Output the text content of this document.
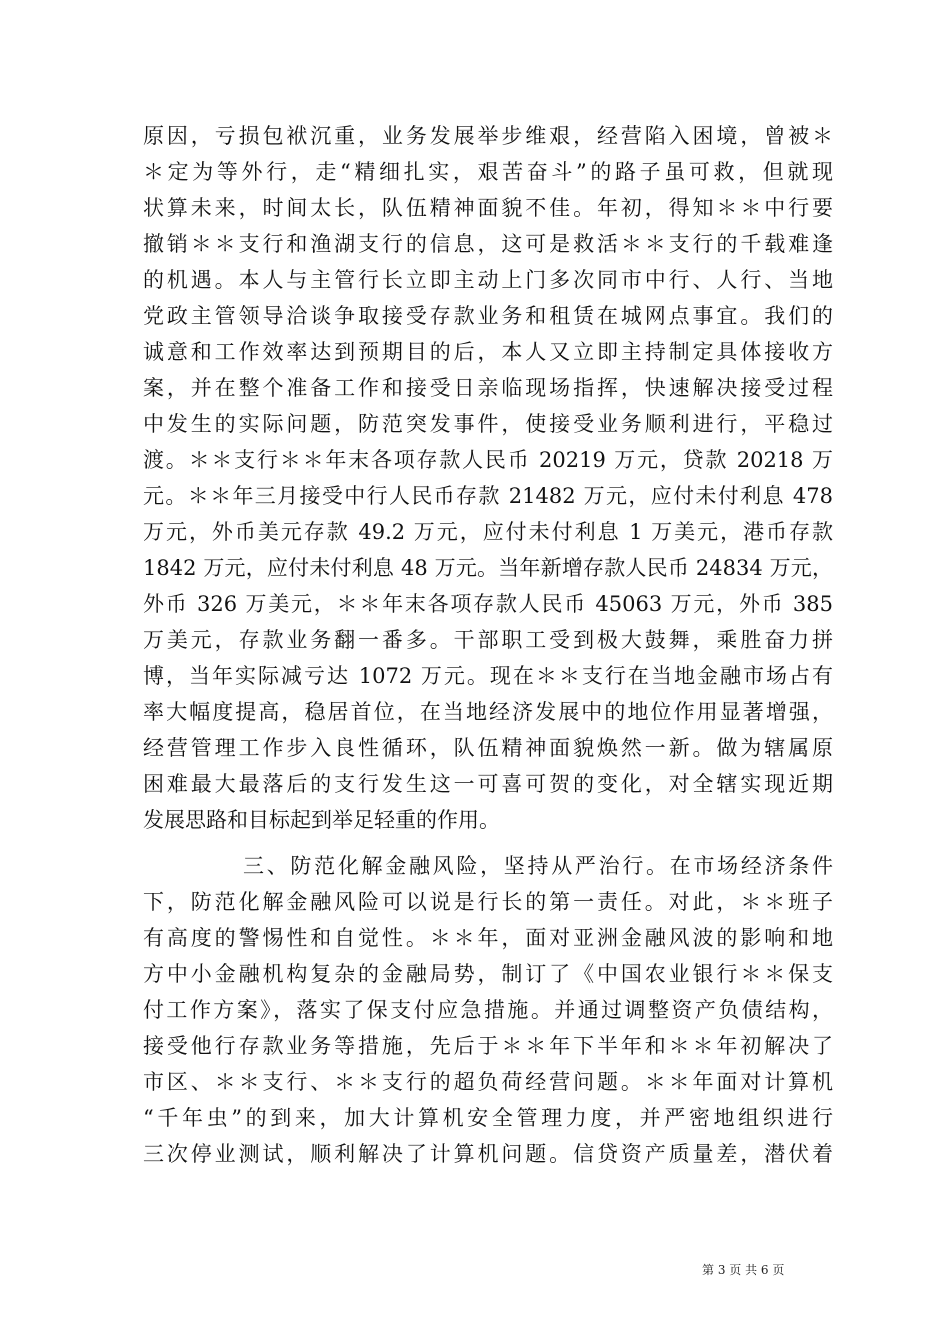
原因，亏损包袱沉重，业务发展举步维艰，经营陷入困境，曾被＊
＊定为等外行，走“精细扎实，艰苦奋斗”的路子虽可救，但就现
状算未来，时间太长，队伍精神面貌不佳。年初，得知＊＊中行要
撤销＊＊支行和渔湖支行的信息，这可是救活＊＊支行的千载难逢
的机遇。本人与主管行长立即主动上门多次同市中行、人行、当地
党政主管领导洽谈争取接受存款业务和租赁在城网点事宜。我们的
诚意和工作效率达到预期目的后，本人又立即主持制定具体接收方
案，并在整个准备工作和接受日亲临现场指挥，快速解决接受过程
中发生的实际问题，防范突发事件，使接受业务顺利进行，平稳过
渡。＊＊支行＊＊年末各项存款人民币 20219 万元，贷款 20218 万
元。＊＊年三月接受中行人民币存款 21482 万元，应付未付利息 478
万元，外币美元存款 49.2 万元，应付未付利息 1 万美元，港币存款
1842 万元，应付未付利息 48 万元。当年新增存款人民币 24834 万元，
外币 326 万美元，＊＊年末各项存款人民币 45063 万元，外币 385
万美元，存款业务翻一番多。干部职工受到极大鼓舞，乘胜奋力拼
博，当年实际减亏达 1072 万元。现在＊＊支行在当地金融市场占有
率大幅度提高，稳居首位，在当地经济发展中的地位作用显著增强，
经营管理工作步入良性循环，队伍精神面貌焕然一新。做为辖属原
困难最大最落后的支行发生这一可喜可贺的变化，对全辖实现近期
发展思路和目标起到举足轻重的作用。
三、防范化解金融风险，坚持从严治行。在市场经济条件
下，防范化解金融风险可以说是行长的第一责任。对此，＊＊班子
有高度的警惕性和自觉性。＊＊年，面对亚洲金融风波的影响和地
方中小金融机构复杂的金融局势，制订了《中国农业银行＊＊保支
付工作方案》，落实了保支付应急措施。并通过调整资产负债结构，
接受他行存款业务等措施，先后于＊＊年下半年和＊＊年初解决了
市区、＊＊支行、＊＊支行的超负荷经营问题。＊＊年面对计算机
“千年虫”的到来，加大计算机安全管理力度，并严密地组织进行
三次停业测试，顺利解决了计算机问题。信贷资产质量差，潜伏着
第 3 页 共 6 页
